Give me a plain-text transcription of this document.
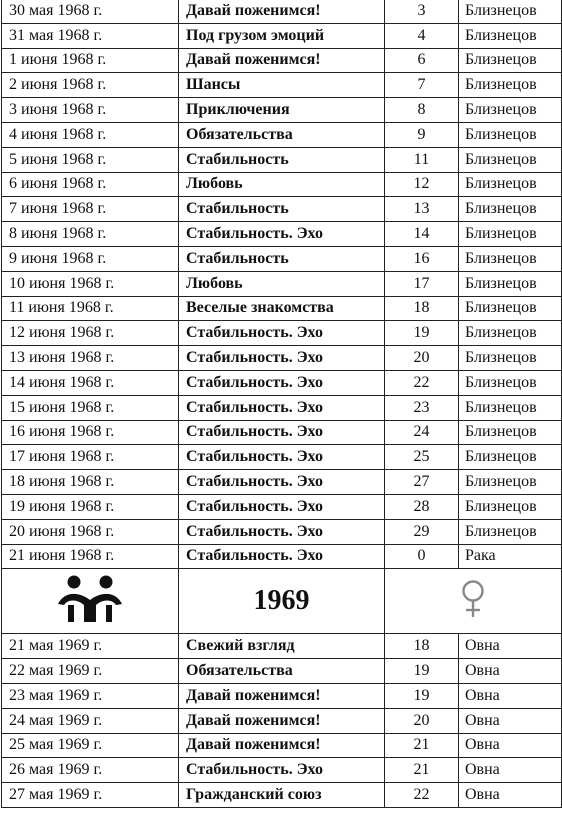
30 мая 1968 г.	Давай поженимся!	3	Близнецов
31 мая 1968 г.	Под грузом эмоций	4	Близнецов
1 июня 1968 г.	Давай поженимся!	6	Близнецов
2 июня 1968 г.	Шансы	7	Близнецов
3 июня 1968 г.	Приключения	8	Близнецов
4 июня 1968 г.	Обязательства	9	Близнецов
5 июня 1968 г.	Стабильность	11	Близнецов
6 июня 1968 г.	Любовь	12	Близнецов
7 июня 1968 г.	Стабильность	13	Близнецов
8 июня 1968 г.	Стабильность. Эхо	14	Близнецов
9 июня 1968 г.	Стабильность	16	Близнецов
10 июня 1968 г.	Любовь	17	Близнецов
11 июня 1968 г.	Веселые знакомства	18	Близнецов
12 июня 1968 г.	Стабильность. Эхо	19	Близнецов
13 июня 1968 г.	Стабильность. Эхо	20	Близнецов
14 июня 1968 г.	Стабильность. Эхо	22	Близнецов
15 июня 1968 г.	Стабильность. Эхо	23	Близнецов
16 июня 1968 г.	Стабильность. Эхо	24	Близнецов
17 июня 1968 г.	Стабильность. Эхо	25	Близнецов
18 июня 1968 г.	Стабильность. Эхо	27	Близнецов
19 июня 1968 г.	Стабильность. Эхо	28	Близнецов
20 июня 1968 г.	Стабильность. Эхо	29	Близнецов
21 июня 1968 г.	Стабильность. Эхо	0	Рака
	1969	
21 мая 1969 г.	Свежий взгляд	18	Овна
22 мая 1969 г.	Обязательства	19	Овна
23 мая 1969 г.	Давай поженимся!	19	Овна
24 мая 1969 г.	Давай поженимся!	20	Овна
25 мая 1969 г.	Давай поженимся!	21	Овна
26 мая 1969 г.	Стабильность. Эхо	21	Овна
27 мая 1969 г.	Гражданский союз	22	Овна
